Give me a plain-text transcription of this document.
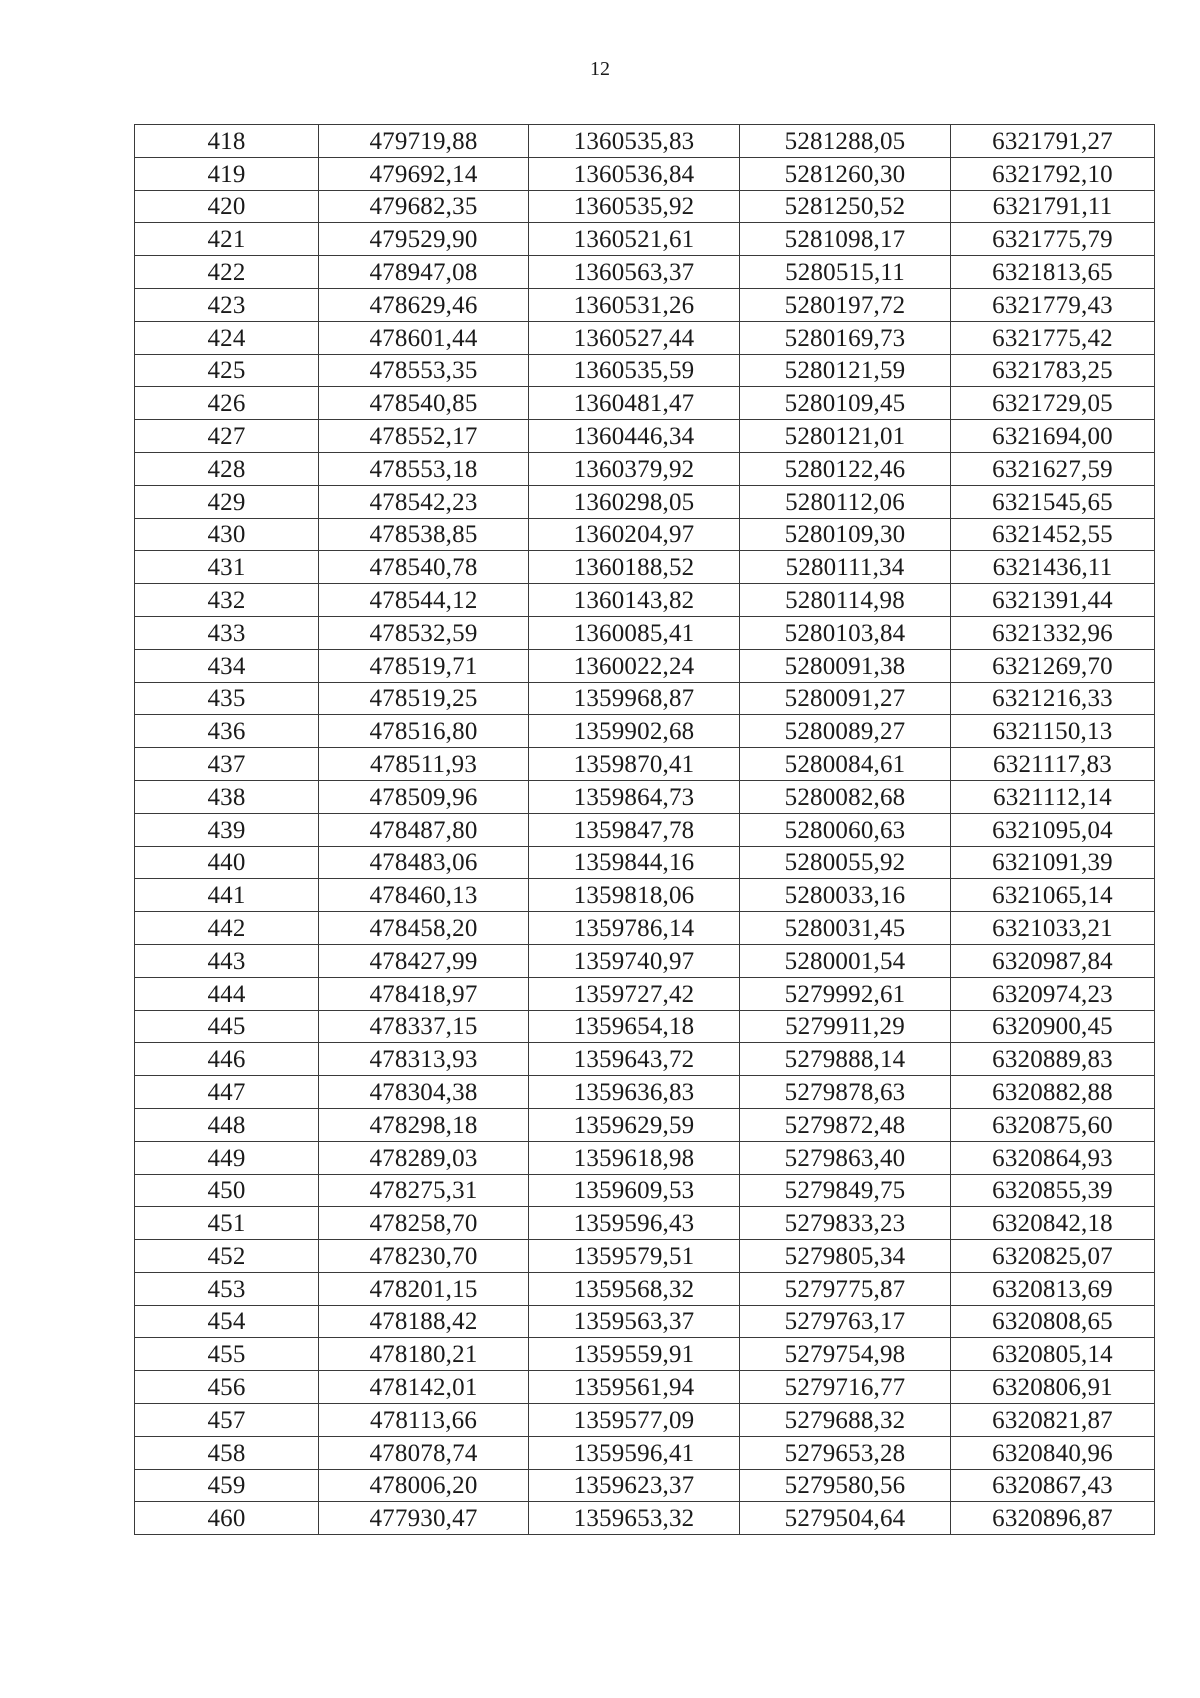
12
418	479719,88	1360535,83	5281288,05	6321791,27
419	479692,14	1360536,84	5281260,30	6321792,10
420	479682,35	1360535,92	5281250,52	6321791,11
421	479529,90	1360521,61	5281098,17	6321775,79
422	478947,08	1360563,37	5280515,11	6321813,65
423	478629,46	1360531,26	5280197,72	6321779,43
424	478601,44	1360527,44	5280169,73	6321775,42
425	478553,35	1360535,59	5280121,59	6321783,25
426	478540,85	1360481,47	5280109,45	6321729,05
427	478552,17	1360446,34	5280121,01	6321694,00
428	478553,18	1360379,92	5280122,46	6321627,59
429	478542,23	1360298,05	5280112,06	6321545,65
430	478538,85	1360204,97	5280109,30	6321452,55
431	478540,78	1360188,52	5280111,34	6321436,11
432	478544,12	1360143,82	5280114,98	6321391,44
433	478532,59	1360085,41	5280103,84	6321332,96
434	478519,71	1360022,24	5280091,38	6321269,70
435	478519,25	1359968,87	5280091,27	6321216,33
436	478516,80	1359902,68	5280089,27	6321150,13
437	478511,93	1359870,41	5280084,61	6321117,83
438	478509,96	1359864,73	5280082,68	6321112,14
439	478487,80	1359847,78	5280060,63	6321095,04
440	478483,06	1359844,16	5280055,92	6321091,39
441	478460,13	1359818,06	5280033,16	6321065,14
442	478458,20	1359786,14	5280031,45	6321033,21
443	478427,99	1359740,97	5280001,54	6320987,84
444	478418,97	1359727,42	5279992,61	6320974,23
445	478337,15	1359654,18	5279911,29	6320900,45
446	478313,93	1359643,72	5279888,14	6320889,83
447	478304,38	1359636,83	5279878,63	6320882,88
448	478298,18	1359629,59	5279872,48	6320875,60
449	478289,03	1359618,98	5279863,40	6320864,93
450	478275,31	1359609,53	5279849,75	6320855,39
451	478258,70	1359596,43	5279833,23	6320842,18
452	478230,70	1359579,51	5279805,34	6320825,07
453	478201,15	1359568,32	5279775,87	6320813,69
454	478188,42	1359563,37	5279763,17	6320808,65
455	478180,21	1359559,91	5279754,98	6320805,14
456	478142,01	1359561,94	5279716,77	6320806,91
457	478113,66	1359577,09	5279688,32	6320821,87
458	478078,74	1359596,41	5279653,28	6320840,96
459	478006,20	1359623,37	5279580,56	6320867,43
460	477930,47	1359653,32	5279504,64	6320896,87
